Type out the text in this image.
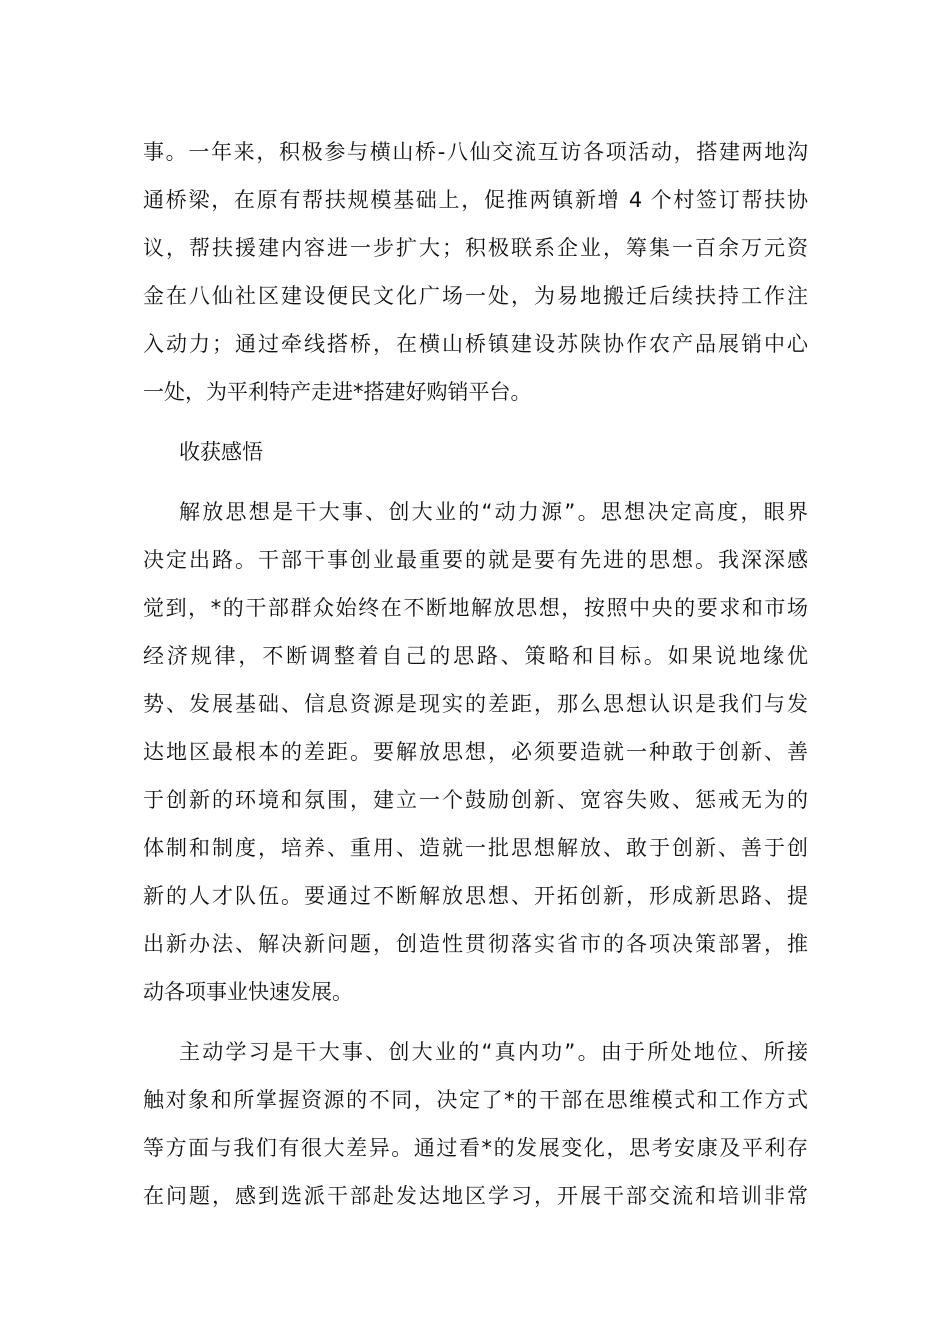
事。一年来，积极参与横山桥-八仙交流互访各项活动，搭建两地沟
通桥梁，在原有帮扶规模基础上，促推两镇新增 4 个村签订帮扶协
议，帮扶援建内容进一步扩大；积极联系企业，筹集一百余万元资
金在八仙社区建设便民文化广场一处，为易地搬迁后续扶持工作注
入动力；通过牵线搭桥，在横山桥镇建设苏陕协作农产品展销中心
一处，为平利特产走进*搭建好购销平台。
收获感悟
解放思想是干大事、创大业的“动力源”。思想决定高度，眼界
决定出路。干部干事创业最重要的就是要有先进的思想。我深深感
觉到，*的干部群众始终在不断地解放思想，按照中央的要求和市场
经济规律，不断调整着自己的思路、策略和目标。如果说地缘优
势、发展基础、信息资源是现实的差距，那么思想认识是我们与发
达地区最根本的差距。要解放思想，必须要造就一种敢于创新、善
于创新的环境和氛围，建立一个鼓励创新、宽容失败、惩戒无为的
体制和制度，培养、重用、造就一批思想解放、敢于创新、善于创
新的人才队伍。要通过不断解放思想、开拓创新，形成新思路、提
出新办法、解决新问题，创造性贯彻落实省市的各项决策部署，推
动各项事业快速发展。
主动学习是干大事、创大业的“真内功”。由于所处地位、所接
触对象和所掌握资源的不同，决定了*的干部在思维模式和工作方式
等方面与我们有很大差异。通过看*的发展变化，思考安康及平利存
在问题，感到选派干部赴发达地区学习，开展干部交流和培训非常
